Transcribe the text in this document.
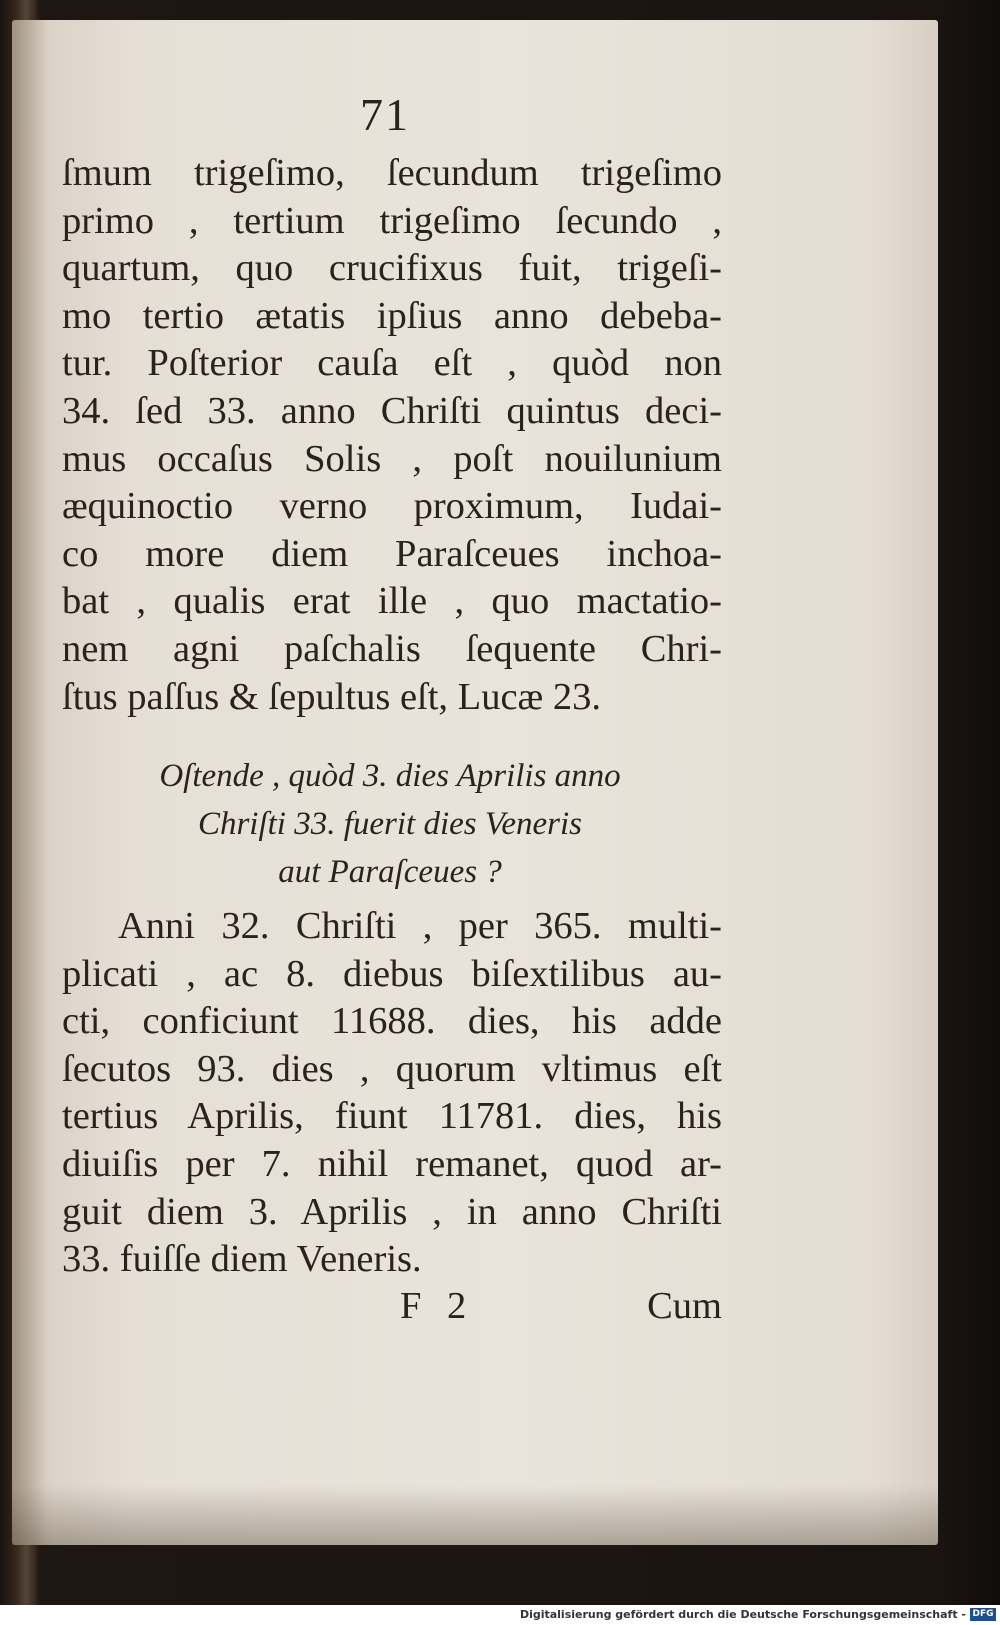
71
ſmum trigeſimo, ſecundum trigeſimo
primo , tertium trigeſimo ſecundo ,
quartum, quo crucifixus fuit, trigeſi-
mo tertio ætatis ipſius anno debeba-
tur. Poſterior cauſa eſt , quòd non
34. ſed 33. anno Chriſti quintus deci-
mus occaſus Solis , poſt nouilunium
æquinoctio verno proximum, Iudai-
co more diem Paraſceues inchoa-
bat , qualis erat ille , quo mactatio-
nem agni paſchalis ſequente Chri-
ſtus paſſus & ſepultus eſt, Lucæ 23.
Oſtende , quòd 3. dies Aprilis anno
Chriſti 33. fuerit dies Veneris
aut Paraſceues ?
Anni 32. Chriſti , per 365. multi-
plicati , ac 8. diebus biſextilibus au-
cti, conficiunt 11688. dies, his adde
ſecutos 93. dies , quorum vltimus eſt
tertius Aprilis, fiunt 11781. dies, his
diuiſis per 7. nihil remanet, quod ar-
guit diem 3. Aprilis , in anno Chriſti
33. fuiſſe diem Veneris.
F 2	Cum
Digitalisierung gefördert durch die Deutsche Forschungsgemeinschaft - DFG
